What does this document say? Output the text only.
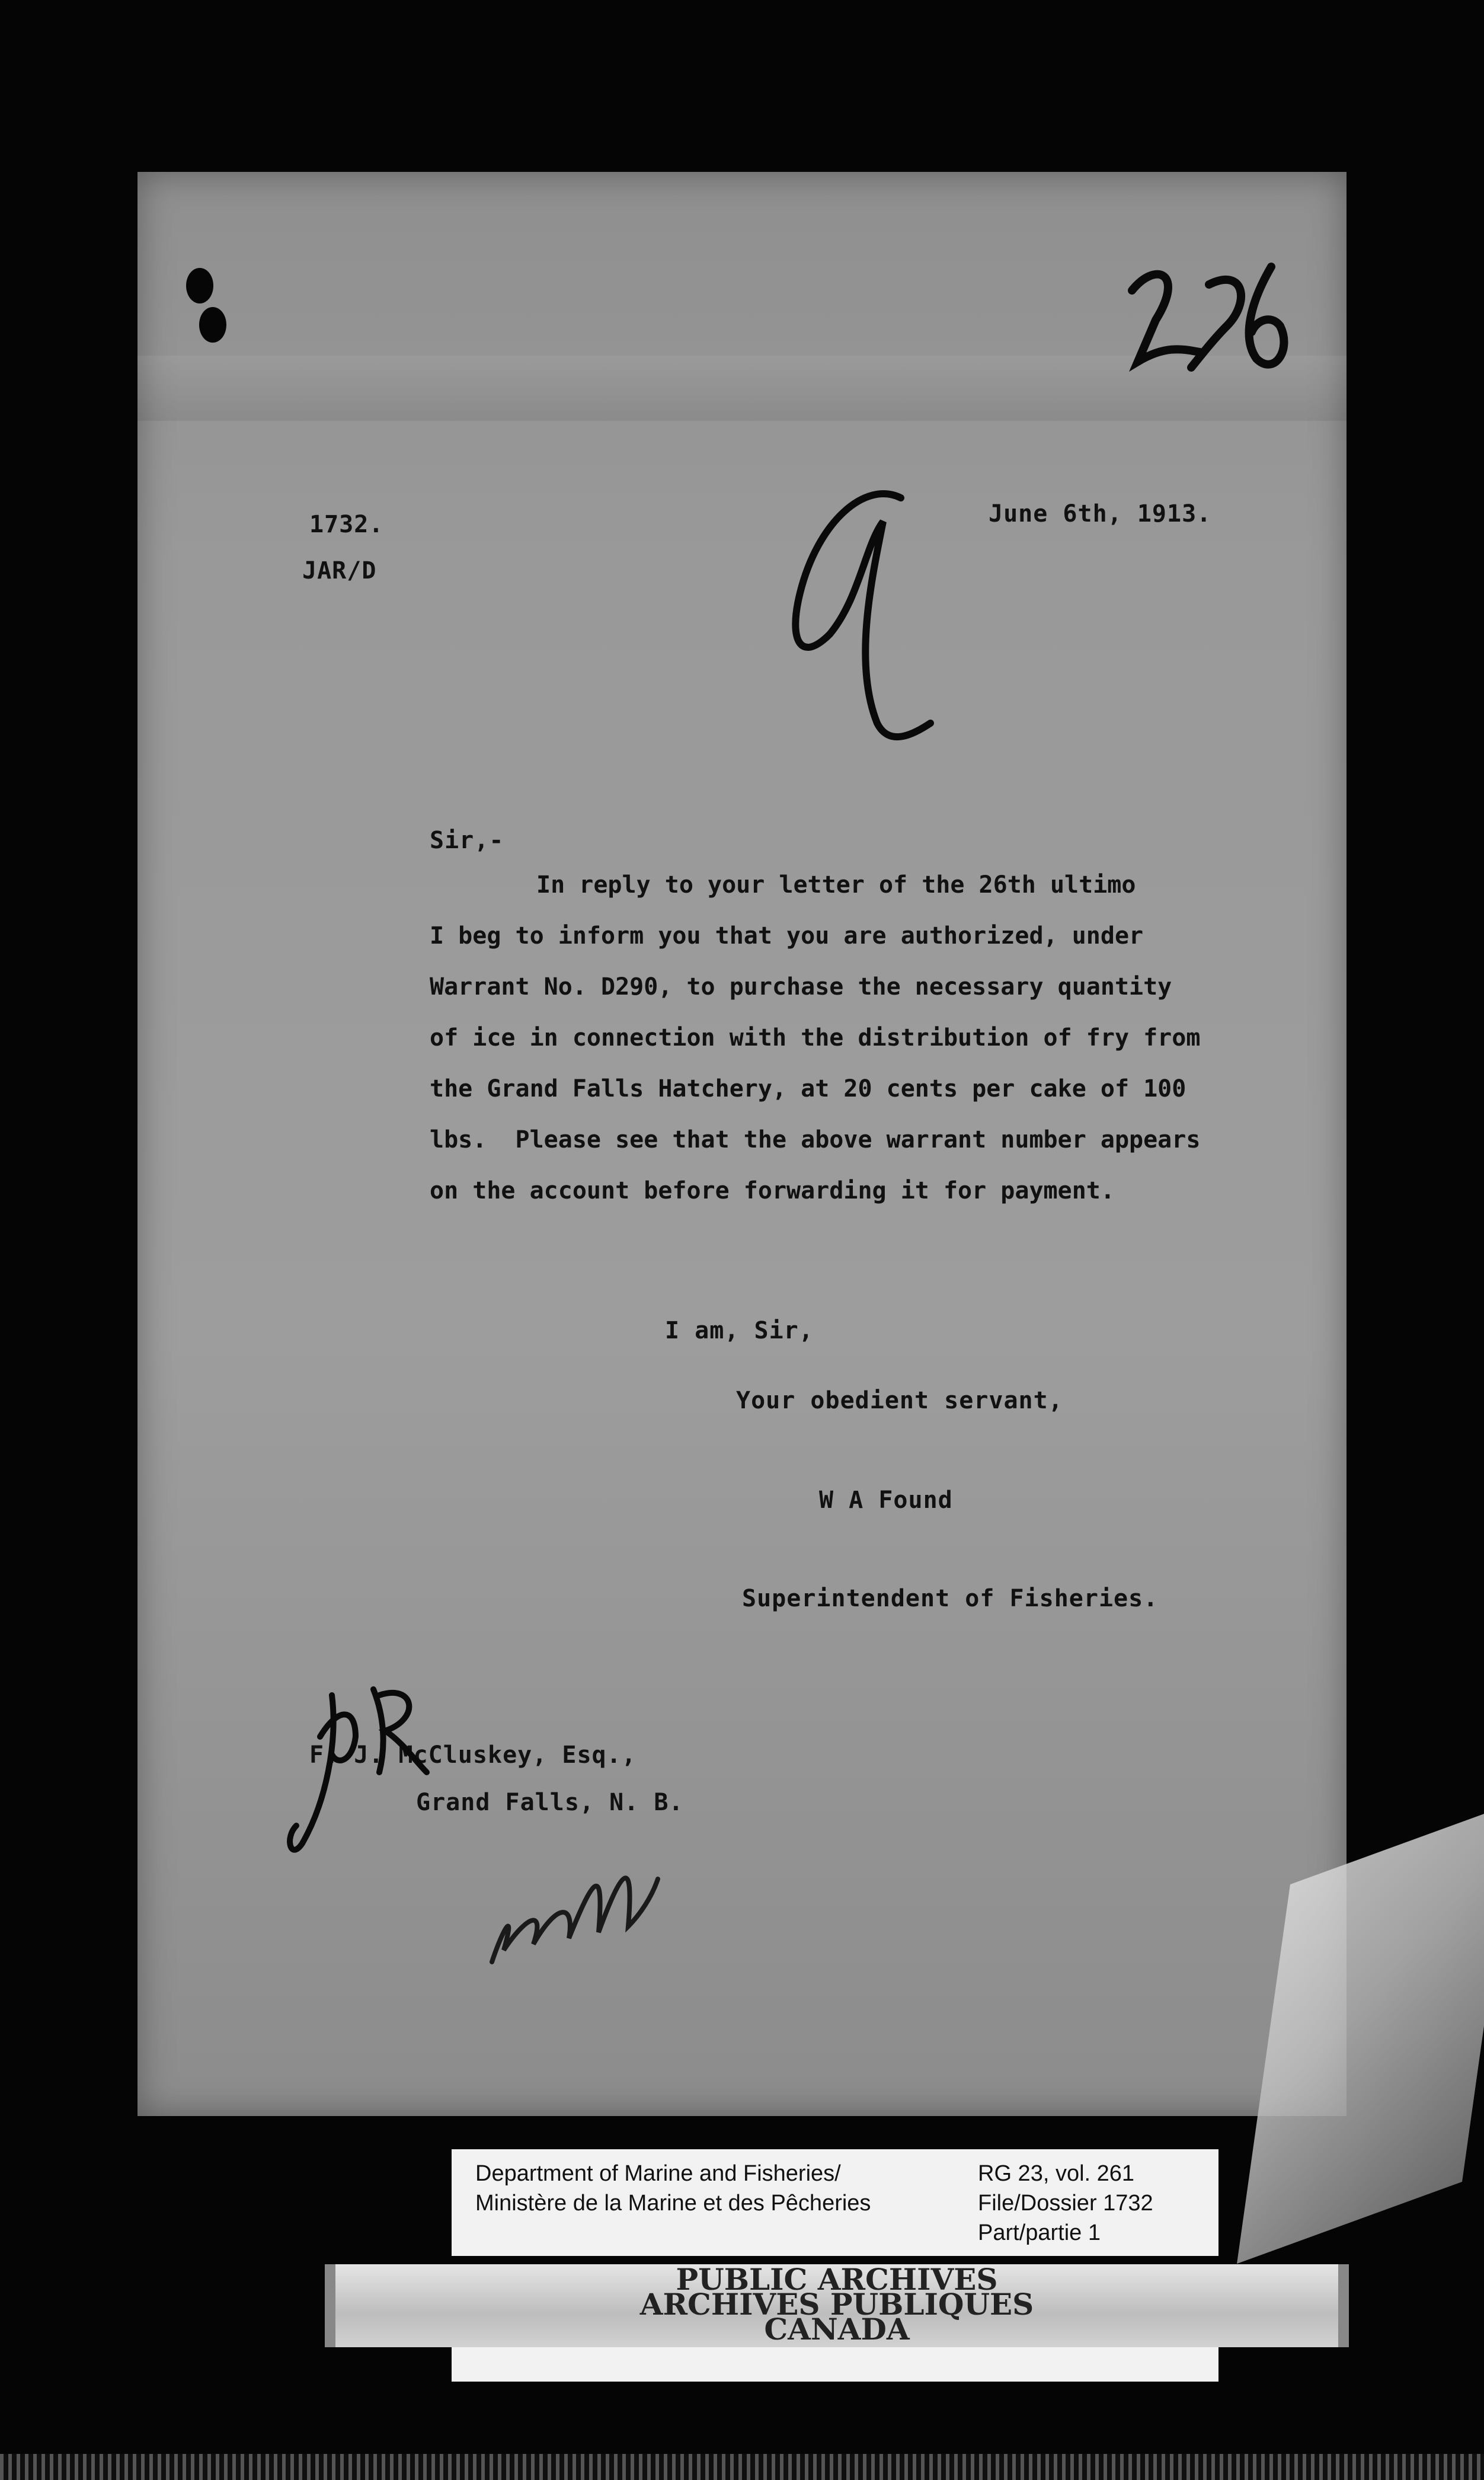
1732.
JAR/D
June 6th, 1913.
Sir,-
In reply to your letter of the 26th ultimo
I beg to inform you that you are authorized, under
Warrant No. D290, to purchase the necessary quantity
of ice in connection with the distribution of fry from
the Grand Falls Hatchery, at 20 cents per cake of 100
lbs.  Please see that the above warrant number appears
on the account before forwarding it for payment.
I am, Sir,
Your obedient servant,
W A Found
Superintendent of Fisheries.
F. J. McCluskey, Esq.,
Grand Falls, N. B.
Department of Marine and Fisheries/
Ministère de la Marine et des Pêcheries
RG 23, vol. 261
File/Dossier 1732
Part/partie 1
PUBLIC ARCHIVES
ARCHIVES PUBLIQUES
CANADA
